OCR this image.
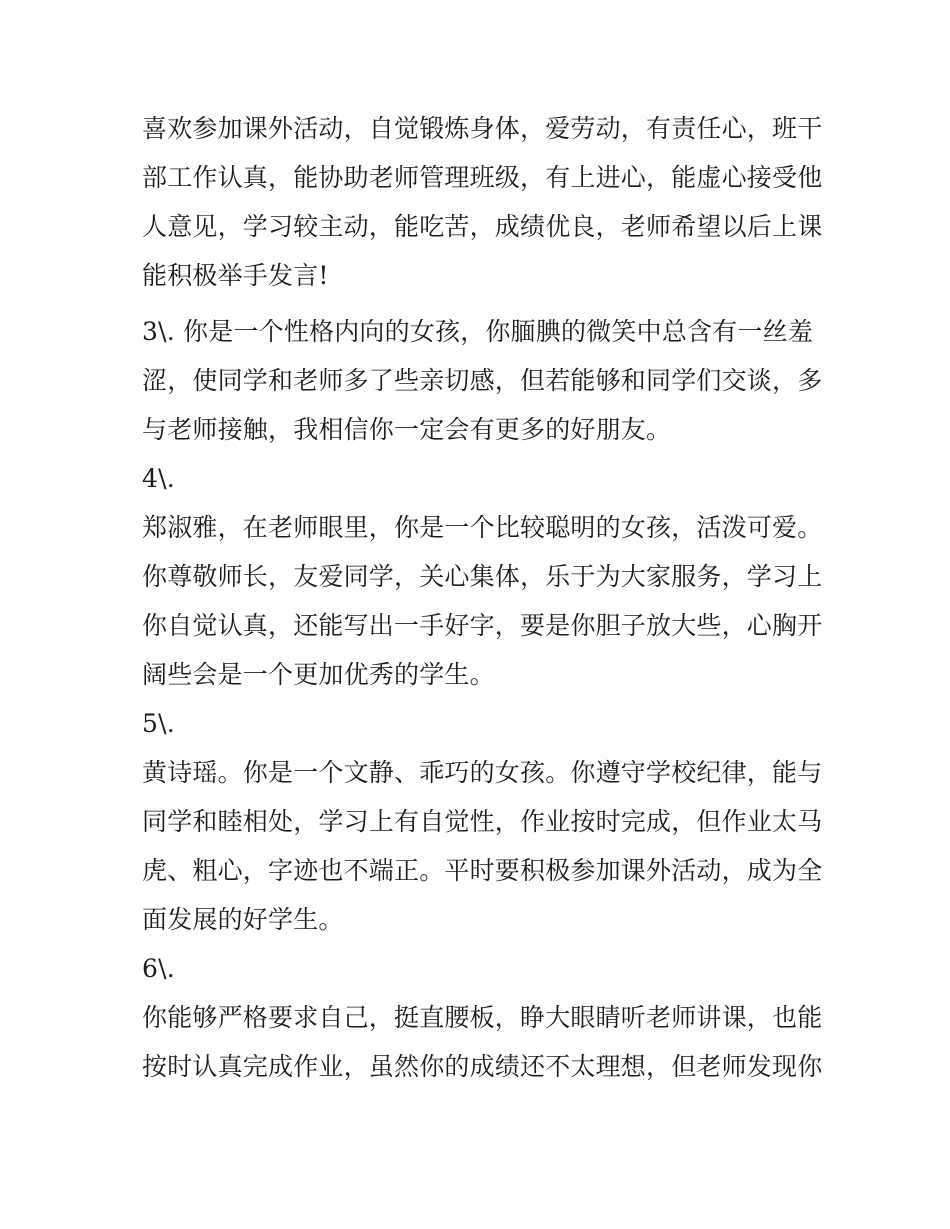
喜欢参加课外活动，自觉锻炼身体，爱劳动，有责任心，班干
部工作认真，能协助老师管理班级，有上进心，能虚心接受他
人意见，学习较主动，能吃苦，成绩优良，老师希望以后上课
能积极举手发言!
3\. 你是一个性格内向的女孩，你腼腆的微笑中总含有一丝羞
涩，使同学和老师多了些亲切感，但若能够和同学们交谈，多
与老师接触，我相信你一定会有更多的好朋友。
4\.
郑淑雅，在老师眼里，你是一个比较聪明的女孩，活泼可爱。
你尊敬师长，友爱同学，关心集体，乐于为大家服务，学习上
你自觉认真，还能写出一手好字，要是你胆子放大些，心胸开
阔些会是一个更加优秀的学生。
5\.
黄诗瑶。你是一个文静、乖巧的女孩。你遵守学校纪律，能与
同学和睦相处，学习上有自觉性，作业按时完成，但作业太马
虎、粗心，字迹也不端正。平时要积极参加课外活动，成为全
面发展的好学生。
6\.
你能够严格要求自己，挺直腰板，睁大眼睛听老师讲课，也能
按时认真完成作业，虽然你的成绩还不太理想，但老师发现你
